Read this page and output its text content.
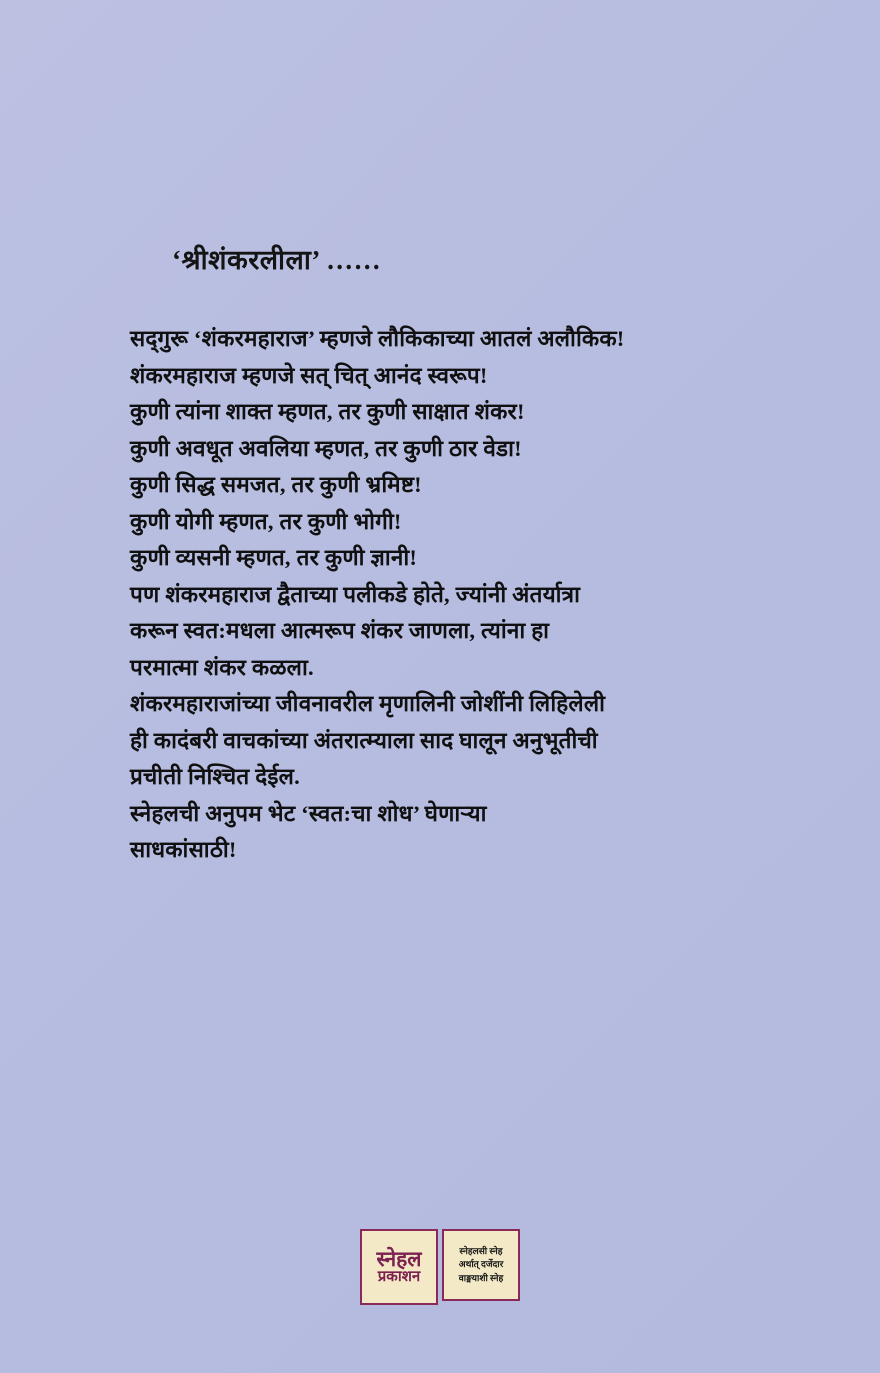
‘श्रीशंकरलीला’ ……
सद्‌गुरू ‘शंकरमहाराज’ म्हणजे लौकिकाच्या आतलं अलौकिक!
शंकरमहाराज म्हणजे सत् चित् आनंद स्वरूप!
कुणी त्यांना शाक्त म्हणत, तर कुणी साक्षात शंकर!
कुणी अवधूत अवलिया म्हणत, तर कुणी ठार वेडा!
कुणी सिद्ध समजत, तर कुणी भ्रमिष्ट!
कुणी योगी म्हणत, तर कुणी भोगी!
कुणी व्यसनी म्हणत, तर कुणी ज्ञानी!
पण शंकरमहाराज द्वैताच्या पलीकडे होते, ज्यांनी अंतर्यात्रा
करून स्वत:मधला आत्मरूप शंकर जाणला, त्यांना हा
परमात्मा शंकर कळला.
शंकरमहाराजांच्या जीवनावरील मृणालिनी जोशींनी लिहिलेली
ही कादंबरी वाचकांच्या अंतरात्म्याला साद घालून अनुभूतीची
प्रचीती निश्चित देईल.
स्नेहलची अनुपम भेट ‘स्वत:चा शोध’ घेणाऱ्या
साधकांसाठी!
स्नेहल
प्रकाशन
स्नेहलसी स्नेह
अर्थात् दर्जेदार
वाङ्मयाशी स्नेह
